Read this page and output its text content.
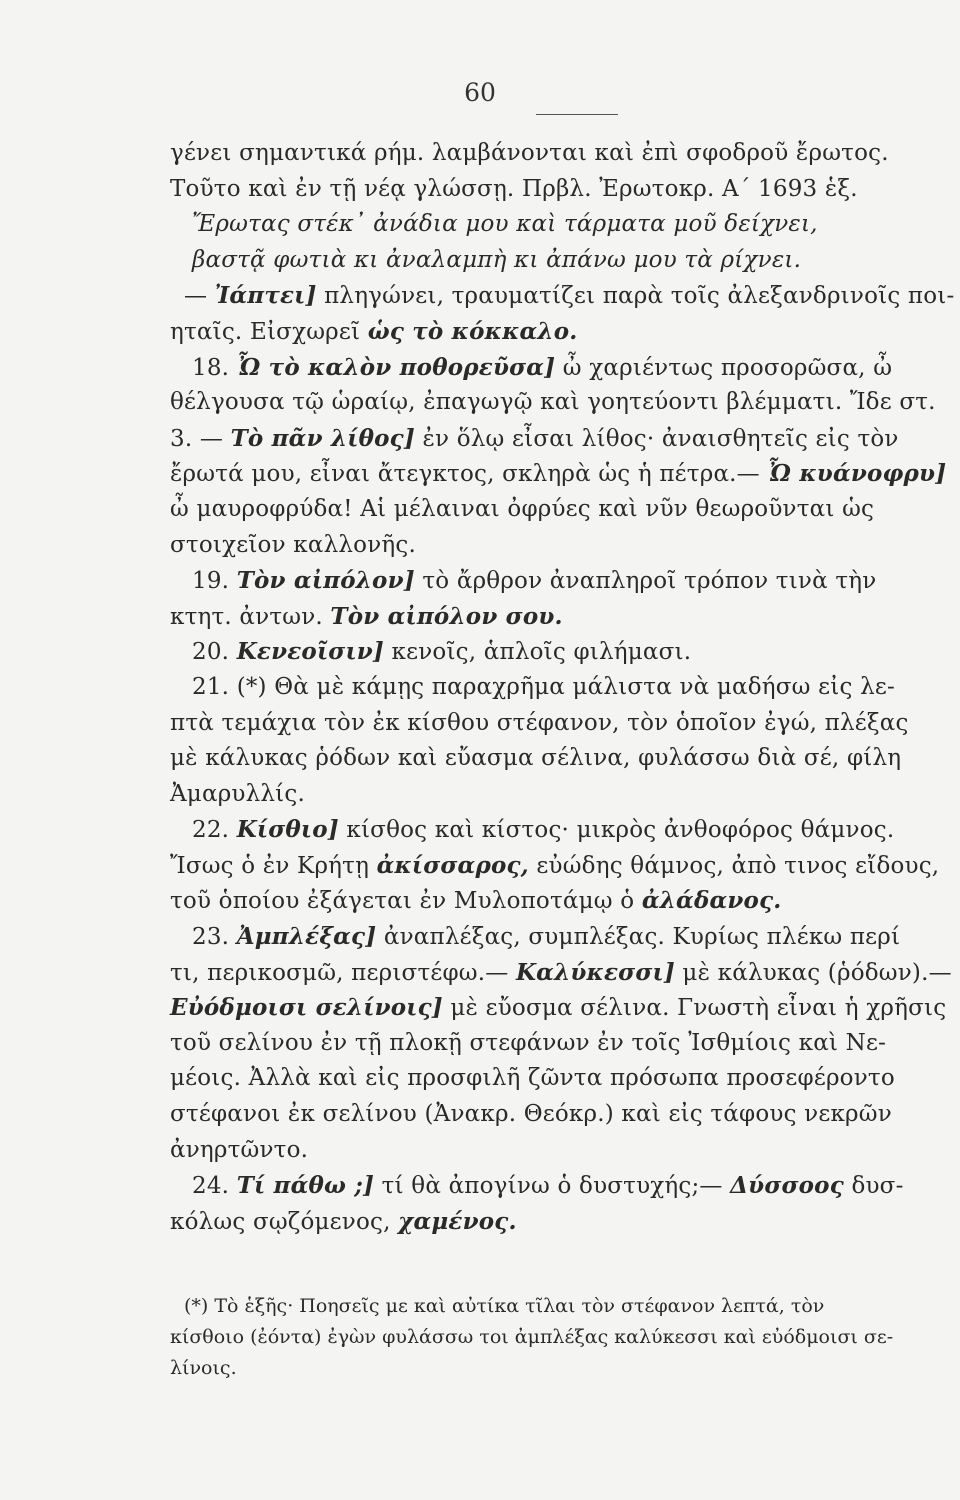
60
γένει σημαντικά ρήμ. λαμβάνονται καὶ ἐπὶ σφοδροῦ ἔρωτος.
Τοῦτο καὶ ἐν τῇ νέᾳ γλώσσῃ. Πρβλ. Ἐρωτοκρ. Α΄ 1693 ἑξ.
Ἔρωτας στέκ᾽ ἀνάδια μου καὶ τάρματα μοῦ δείχνει,
βαστᾷ φωτιὰ κι ἀναλαμπὴ κι ἀπάνω μου τὰ ρίχνει.
— Ἰάπτει] πληγώνει, τραυματίζει παρὰ τοῖς ἀλεξανδρινοῖς ποι-
ηταῖς. Εἰσχωρεῖ ὡς τὸ κόκκαλο.
18. Ὦ τὸ καλὸν ποθορεῦσα] ὦ χαριέντως προσορῶσα, ὦ
θέλγουσα τῷ ὡραίῳ, ἐπαγωγῷ καὶ γοητεύοντι βλέμματι. Ἴδε στ.
3. — Τὸ πᾶν λίθος] ἐν ὅλῳ εἶσαι λίθος· ἀναισθητεῖς εἰς τὸν
ἔρωτά μου, εἶναι ἄτεγκτος, σκληρὰ ὡς ἡ πέτρα.— Ὦ κυάνοφρυ]
ὦ μαυροφρύδα! Αἱ μέλαιναι ὀφρύες καὶ νῦν θεωροῦνται ὡς
στοιχεῖον καλλονῆς.
19. Τὸν αἰπόλον] τὸ ἄρθρον ἀναπληροῖ τρόπον τινὰ τὴν
κτητ. ἀντων. Τὸν αἰπόλον σου.
20. Κενεοῖσιν] κενοῖς, ἁπλοῖς φιλήμασι.
21. (*) Θὰ μὲ κάμῃς παραχρῆμα μάλιστα νὰ μαδήσω εἰς λε-
πτὰ τεμάχια τὸν ἐκ κίσθου στέφανον, τὸν ὁποῖον ἐγώ, πλέξας
μὲ κάλυκας ῥόδων καὶ εὔασμα σέλινα, φυλάσσω διὰ σέ, φίλη
Ἀμαρυλλίς.
22. Κίσθιο] κίσθος καὶ κίστος· μικρὸς ἀνθοφόρος θάμνος.
Ἴσως ὁ ἐν Κρήτῃ ἀκίσσαρος, εὐώδης θάμνος, ἀπὸ τινος εἴδους,
τοῦ ὁποίου ἐξάγεται ἐν Μυλοποτάμῳ ὁ ἀλάδανος.
23. Ἀμπλέξας] ἀναπλέξας, συμπλέξας. Κυρίως πλέκω περί
τι, περικοσμῶ, περιστέφω.— Καλύκεσσι] μὲ κάλυκας (ῥόδων).—
Εὐόδμοισι σελίνοις] μὲ εὔοσμα σέλινα. Γνωστὴ εἶναι ἡ χρῆσις
τοῦ σελίνου ἐν τῇ πλοκῇ στεφάνων ἐν τοῖς Ἰσθμίοις καὶ Νε-
μέοις. Ἀλλὰ καὶ εἰς προσφιλῆ ζῶντα πρόσωπα προσεφέροντο
στέφανοι ἐκ σελίνου (Ἀνακρ. Θεόκρ.) καὶ εἰς τάφους νεκρῶν
ἀνηρτῶντο.
24. Τί πάθω ;] τί θὰ ἀπογίνω ὁ δυστυχής;— Δύσσοος δυσ-
κόλως σῳζόμενος, χαμένος.
(*) Τὸ ἑξῆς· Ποησεῖς με καὶ αὐτίκα τῖλαι τὸν στέφανον λεπτά, τὸν
κίσθοιο (ἐόντα) ἐγὼν φυλάσσω τοι ἀμπλέξας καλύκεσσι καὶ εὐόδμοισι σε-
λίνοις.
